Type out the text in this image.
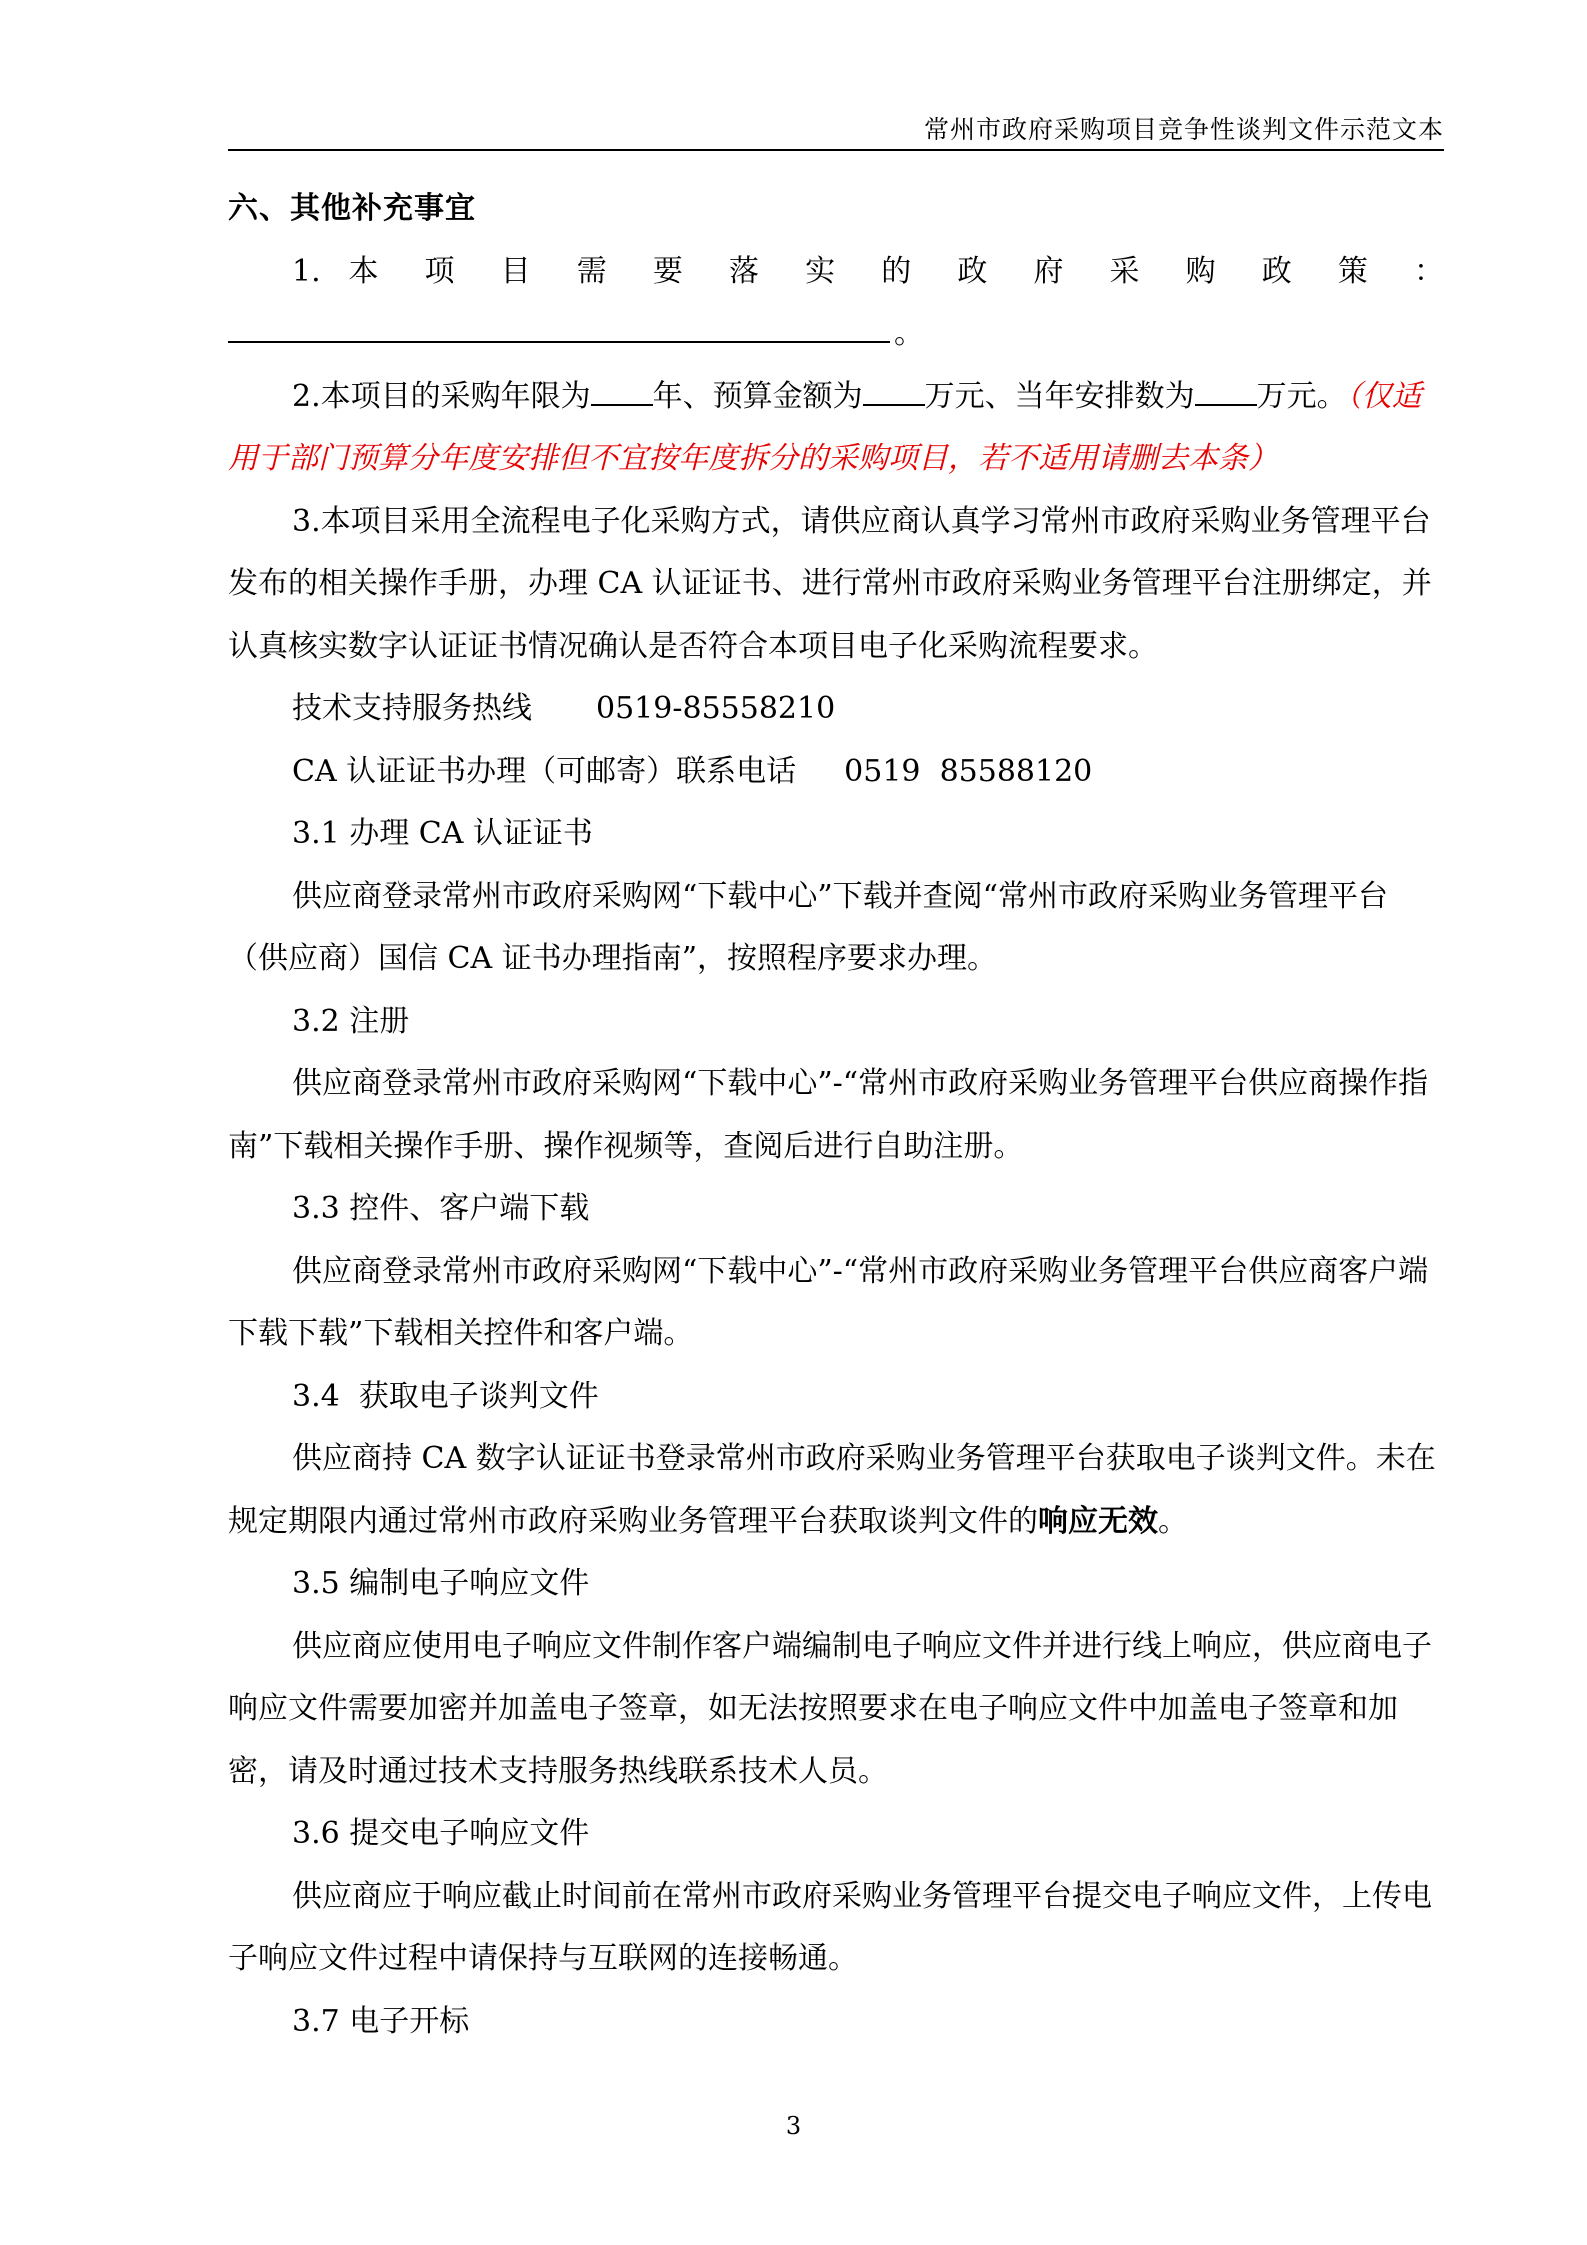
常州市政府采购项目竞争性谈判文件示范文本

六、其他补充事宜

1. 本 项 目 需 要 落 实 的 政 府 采 购 政 策 ：

。

2.本项目的采购年限为 年、预算金额为 万元、当年安排数为 万元。（仅适用于部门预算分年度安排但不宜按年度拆分的采购项目，若不适用请删去本条）

3.本项目采用全流程电子化采购方式，请供应商认真学习常州市政府采购业务管理平台发布的相关操作手册，办理 CA 认证证书、进行常州市政府采购业务管理平台注册绑定，并认真核实数字认证证书情况确认是否符合本项目电子化采购流程要求。

技术支持服务热线 0519-85558210

CA 认证证书办理（可邮寄）联系电话 0519  85588120

3.1 办理 CA 认证证书

供应商登录常州市政府采购网“下载中心”下载并查阅“常州市政府采购业务管理平台（供应商）国信 CA 证书办理指南”，按照程序要求办理。

3.2 注册

供应商登录常州市政府采购网“下载中心”-“常州市政府采购业务管理平台供应商操作指南”下载相关操作手册、操作视频等，查阅后进行自助注册。

3.3 控件、客户端下载

供应商登录常州市政府采购网“下载中心”-“常州市政府采购业务管理平台供应商客户端下载下载”下载相关控件和客户端。

3.4  获取电子谈判文件

供应商持 CA 数字认证证书登录常州市政府采购业务管理平台获取电子谈判文件。未在规定期限内通过常州市政府采购业务管理平台获取谈判文件的响应无效。

3.5 编制电子响应文件

供应商应使用电子响应文件制作客户端编制电子响应文件并进行线上响应，供应商电子响应文件需要加密并加盖电子签章，如无法按照要求在电子响应文件中加盖电子签章和加密，请及时通过技术支持服务热线联系技术人员。

3.6 提交电子响应文件

供应商应于响应截止时间前在常州市政府采购业务管理平台提交电子响应文件，上传电子响应文件过程中请保持与互联网的连接畅通。

3.7 电子开标

3
